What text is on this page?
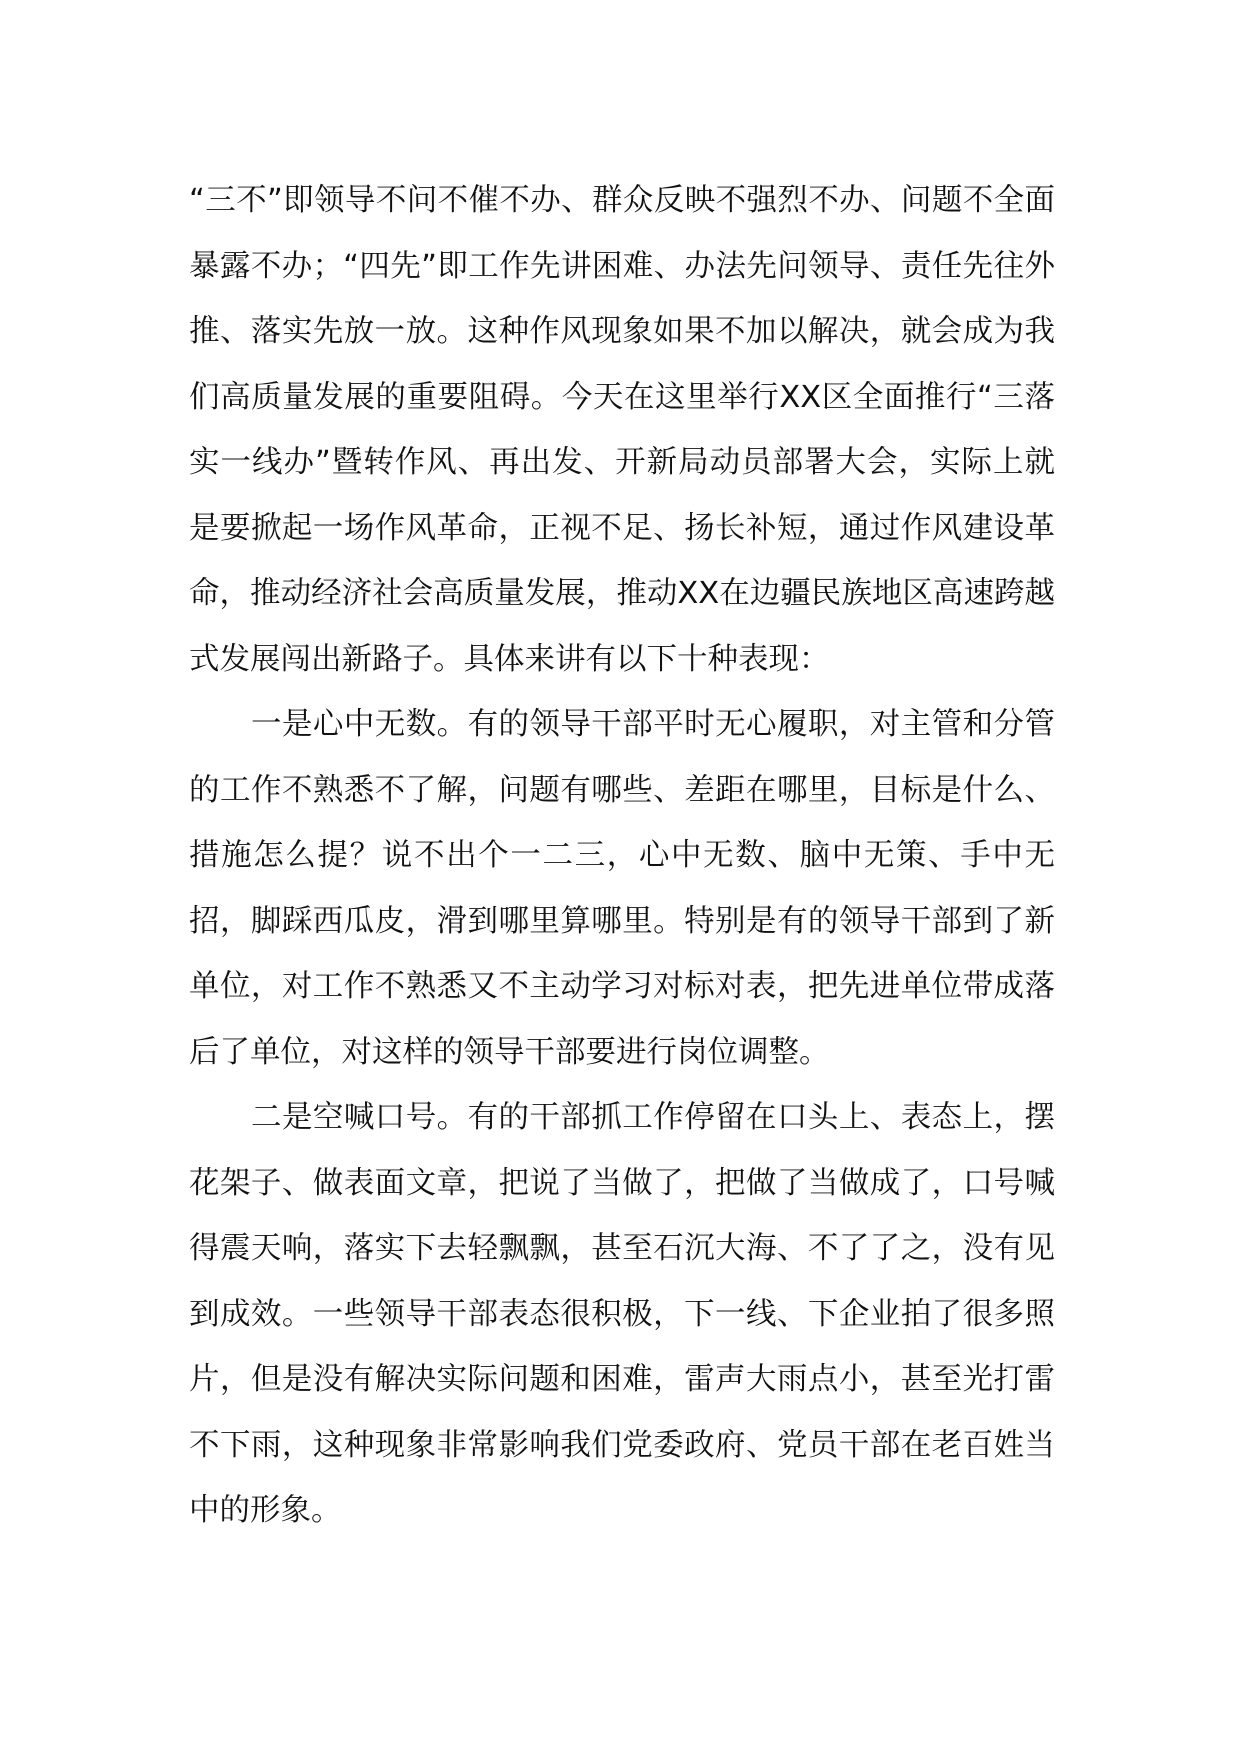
“三不”即领导不问不催不办、群众反映不强烈不办、问题不全面暴露不办；“四先”即工作先讲困难、办法先问领导、责任先往外推、落实先放一放。这种作风现象如果不加以解决，就会成为我们高质量发展的重要阻碍。今天在这里举行XX区全面推行“三落实一线办”暨转作风、再出发、开新局动员部署大会，实际上就是要掀起一场作风革命，正视不足、扬长补短，通过作风建设革命，推动经济社会高质量发展，推动XX在边疆民族地区高速跨越式发展闯出新路子。具体来讲有以下十种表现：

一是心中无数。有的领导干部平时无心履职，对主管和分管的工作不熟悉不了解，问题有哪些、差距在哪里，目标是什么、措施怎么提？说不出个一二三，心中无数、脑中无策、手中无招，脚踩西瓜皮，滑到哪里算哪里。特别是有的领导干部到了新单位，对工作不熟悉又不主动学习对标对表，把先进单位带成落后了单位，对这样的领导干部要进行岗位调整。

二是空喊口号。有的干部抓工作停留在口头上、表态上，摆花架子、做表面文章，把说了当做了，把做了当做成了，口号喊得震天响，落实下去轻飘飘，甚至石沉大海、不了了之，没有见到成效。一些领导干部表态很积极，下一线、下企业拍了很多照片，但是没有解决实际问题和困难，雷声大雨点小，甚至光打雷不下雨，这种现象非常影响我们党委政府、党员干部在老百姓当中的形象。
